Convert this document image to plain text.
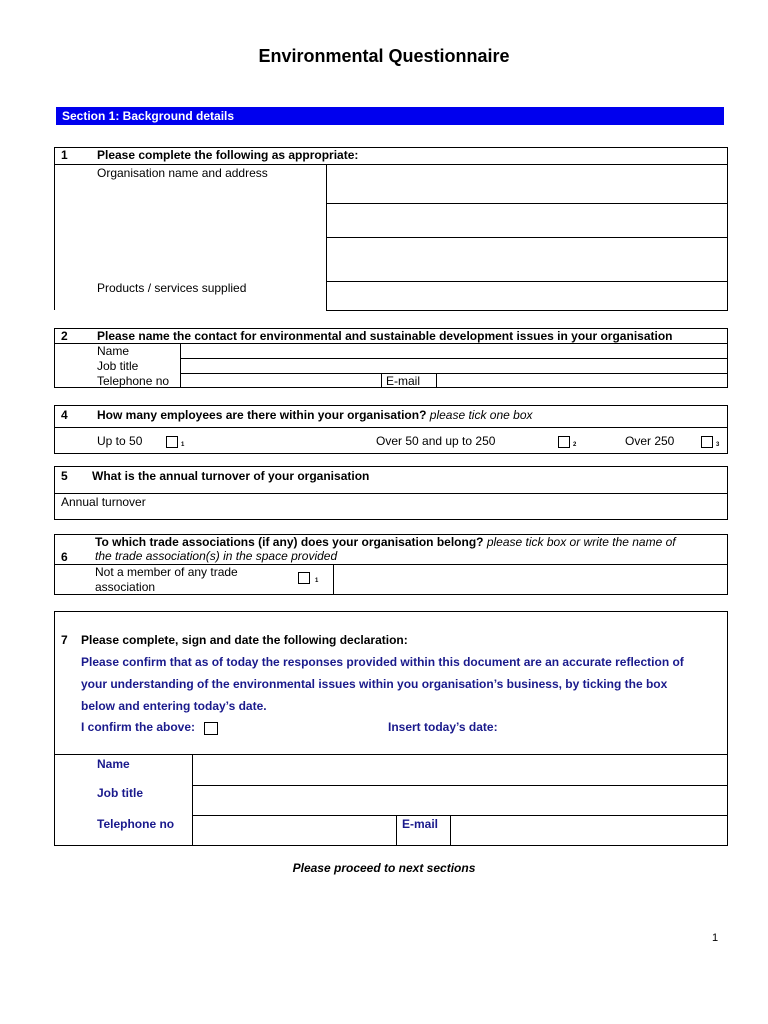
Environmental Questionnaire
Section 1: Background details
1 Please complete the following as appropriate:
Organisation name and address
Products / services supplied
2 Please name the contact for environmental and sustainable development issues in your organisation
Name
Job title
Telephone no	E-mail
4 How many employees are there within your organisation? please tick one box
Up to 50	1	Over 50 and up to 250	2	Over 250	3
5 What is the annual turnover of your organisation
Annual turnover
6
To which trade associations (if any) does your organisation belong? please tick box or write the name of
the trade association(s) in the space provided
Not a member of any trade
association	1
7 Please complete, sign and date the following declaration:
Please confirm that as of today the responses provided within this document are an accurate reflection of
your understanding of the environmental issues within you organisation’s business, by ticking the box
below and entering today’s date.
I confirm the above:	Insert today’s date:
Name
Job title
Telephone no	E-mail
Please proceed to next sections
1
